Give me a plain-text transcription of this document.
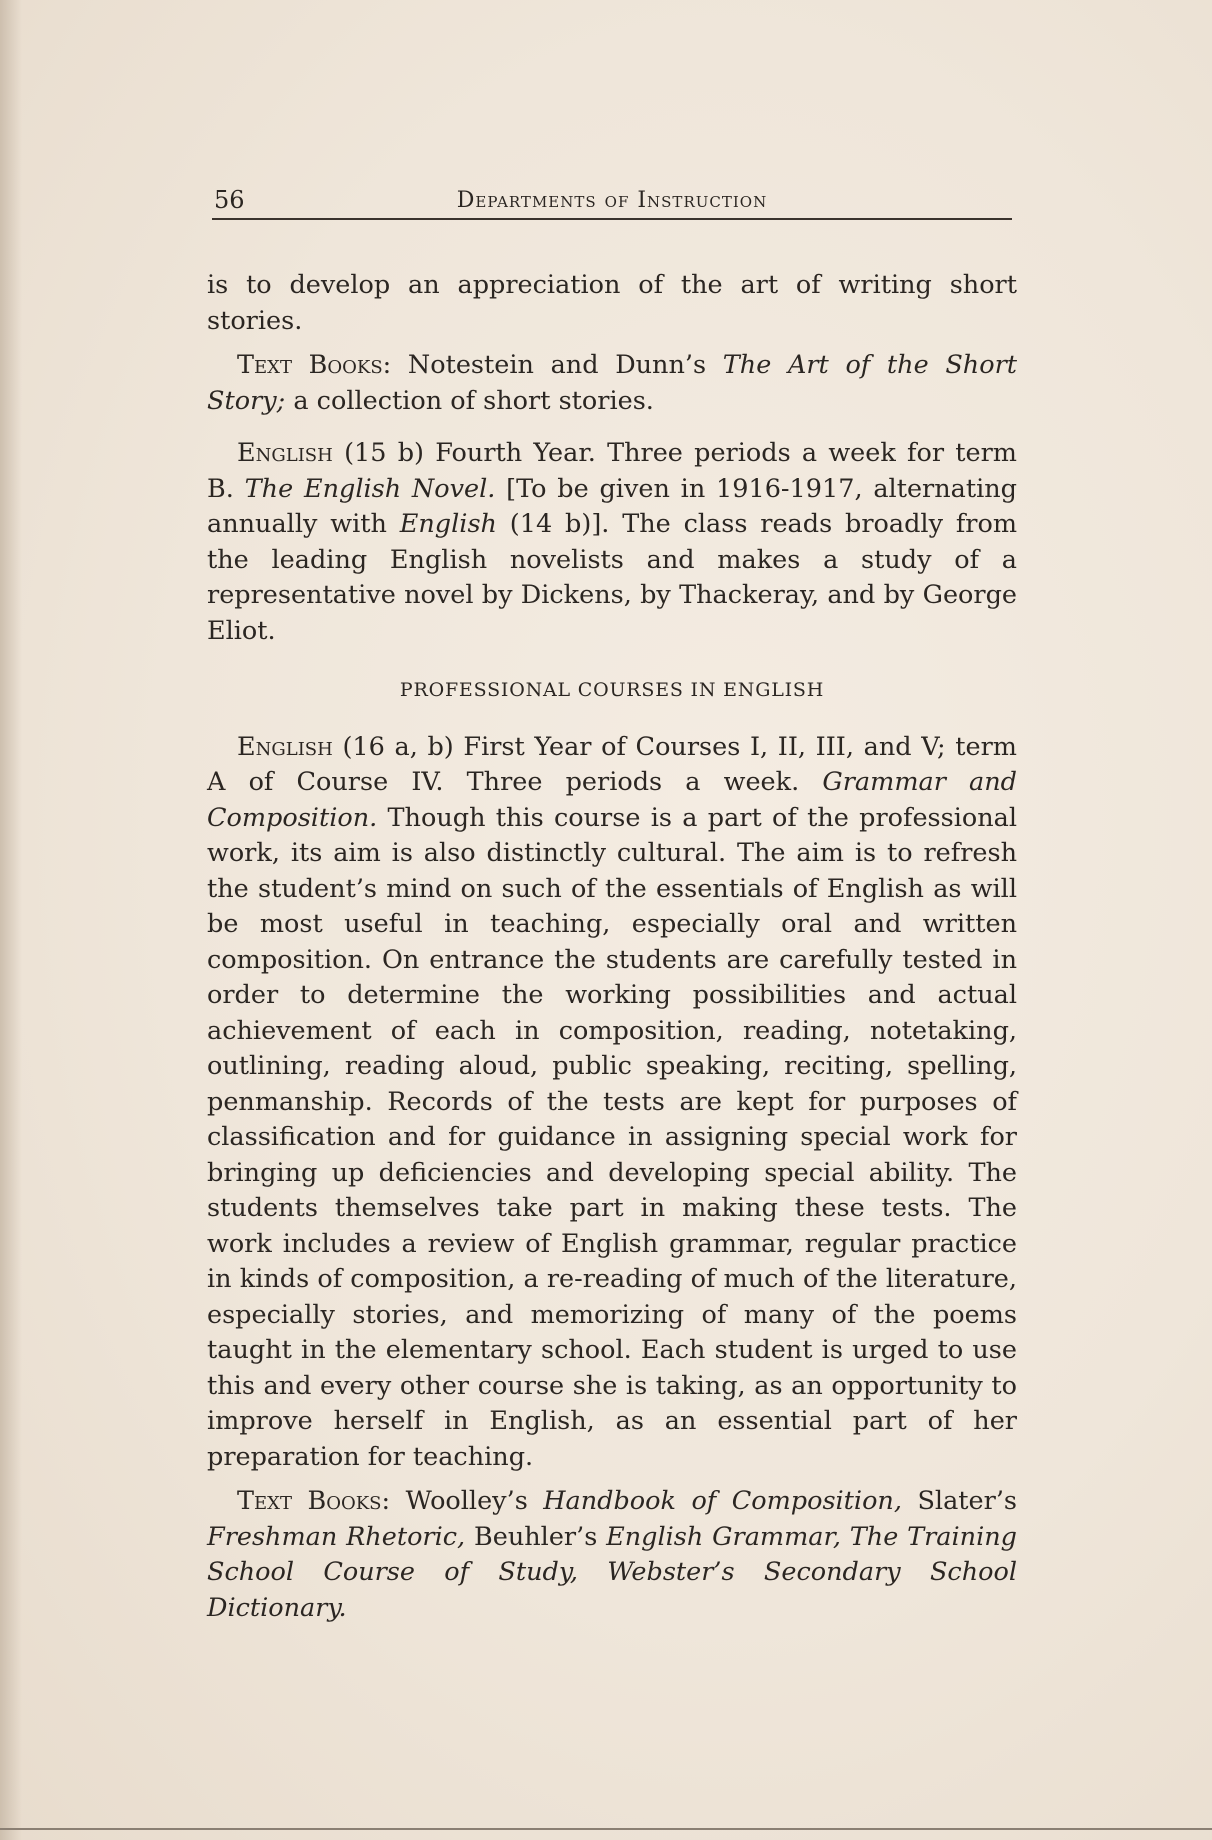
56	Departments of Instruction

is to develop an appreciation of the art of writing short stories.

Text Books: Notestein and Dunn’s The Art of the Short Story; a collection of short stories.

English (15 b) Fourth Year. Three periods a week for term B. The English Novel. [To be given in 1916-1917, alternating annually with English (14 b)]. The class reads broadly from the leading English novelists and makes a study of a representative novel by Dickens, by Thackeray, and by George Eliot.

PROFESSIONAL COURSES IN ENGLISH

English (16 a, b) First Year of Courses I, II, III, and V; term A of Course IV. Three periods a week. Grammar and Composition. Though this course is a part of the professional work, its aim is also distinctly cultural. The aim is to refresh the student’s mind on such of the essentials of English as will be most useful in teaching, especially oral and written composition. On entrance the students are carefully tested in order to determine the working possibilities and actual achievement of each in composition, reading, notetaking, outlining, reading aloud, public speaking, reciting, spelling, penmanship. Records of the tests are kept for purposes of classification and for guidance in assigning special work for bringing up deficiencies and developing special ability. The students themselves take part in making these tests. The work includes a review of English grammar, regular practice in kinds of composition, a re-reading of much of the literature, especially stories, and memorizing of many of the poems taught in the elementary school. Each student is urged to use this and every other course she is taking, as an opportunity to improve herself in English, as an essential part of her preparation for teaching.

Text Books: Woolley’s Handbook of Composition, Slater’s Freshman Rhetoric, Beuhler’s English Grammar, The Training School Course of Study, Webster’s Secondary School Dictionary.
